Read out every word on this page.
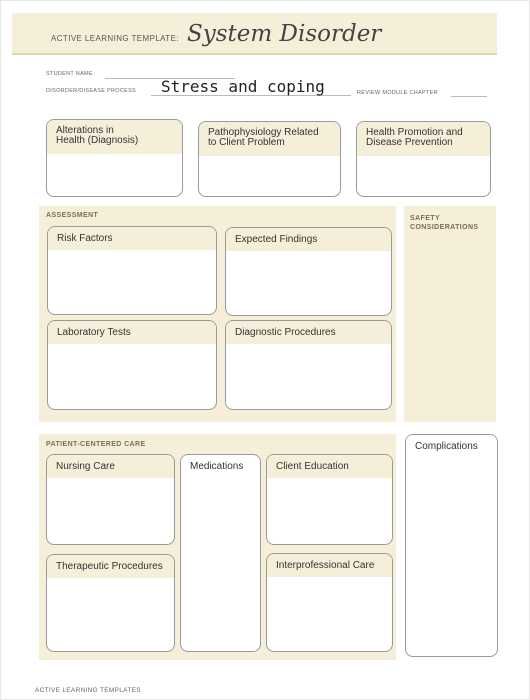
ACTIVE LEARNING TEMPLATE: System Disorder
STUDENT NAME
DISORDER/DISEASE PROCESS Stress and coping	REVIEW MODULE CHAPTER
Alterations in
Health (Diagnosis)
Pathophysiology Related
to Client Problem
Health Promotion and
Disease Prevention
ASSESSMENT
Risk Factors	Expected Findings
Laboratory Tests	Diagnostic Procedures
SAFETY
CONSIDERATIONS
PATIENT-CENTERED CARE
Nursing Care	Medications	Client Education
Therapeutic Procedures	Interprofessional Care
Complications
ACTIVE LEARNING TEMPLATES
